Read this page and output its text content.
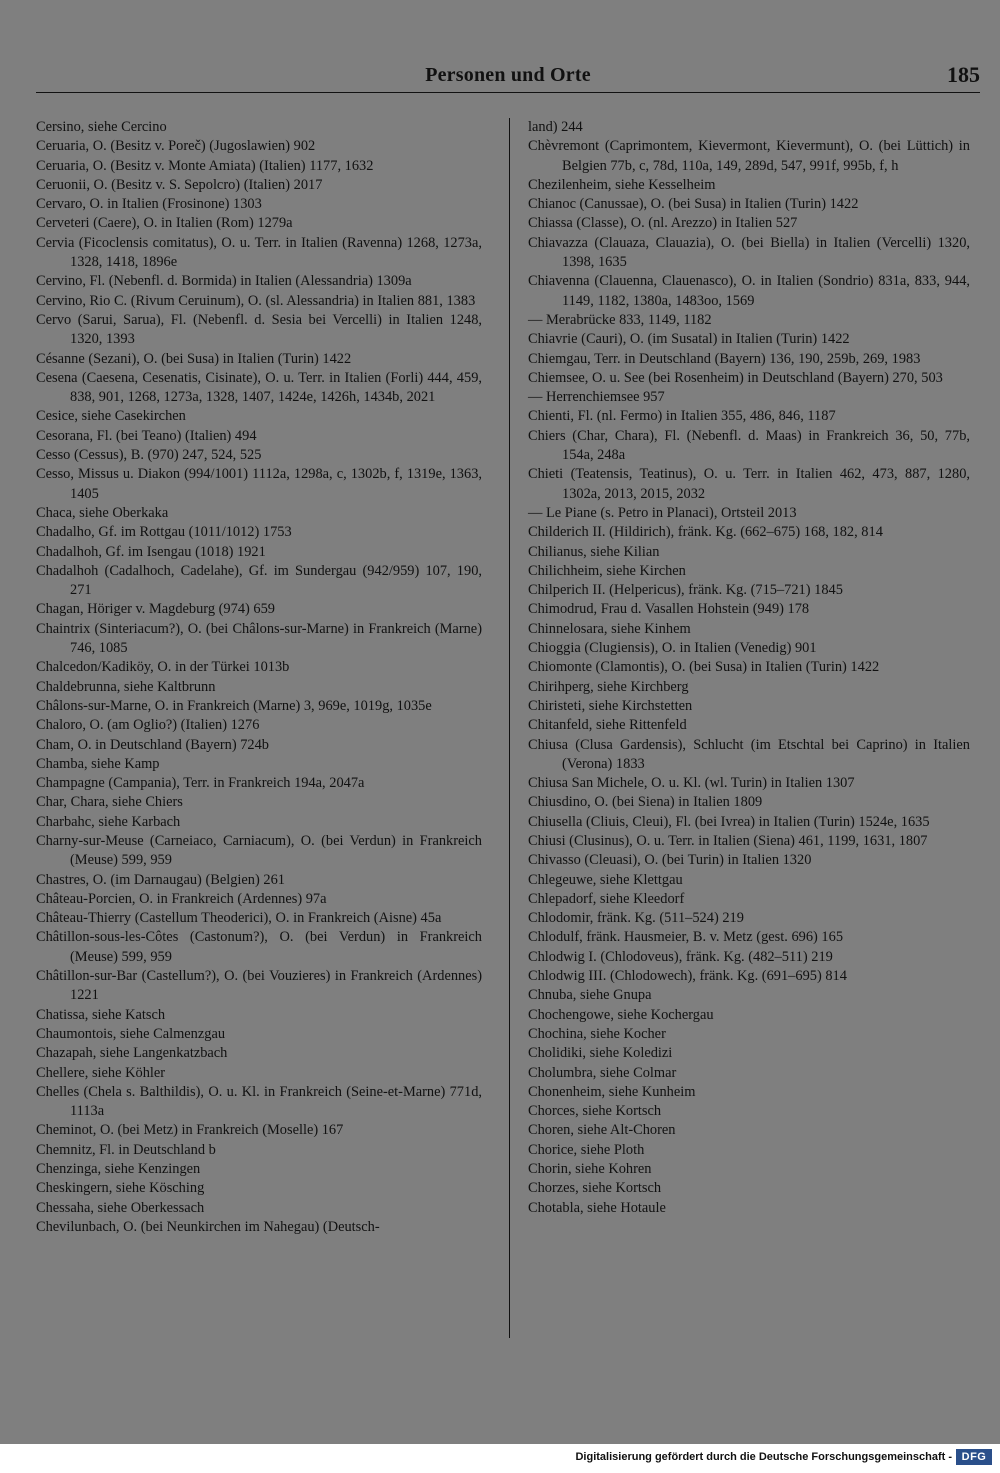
Personen und Orte	185

Cersino, siehe Cercino

Ceruaria, O. (Besitz v. Poreč) (Jugoslawien) 902

Ceruaria, O. (Besitz v. Monte Amiata) (Italien) 1177, 1632

Ceruonii, O. (Besitz v. S. Sepolcro) (Italien) 2017

Cervaro, O. in Italien (Frosinone) 1303

Cerveteri (Caere), O. in Italien (Rom) 1279a

Cervia (Ficoclensis comitatus), O. u. Terr. in Italien (Ravenna) 1268, 1273a, 1328, 1418, 1896e

Cervino, Fl. (Nebenfl. d. Bormida) in Italien (Alessandria) 1309a

Cervino, Rio C. (Rivum Ceruinum), O. (sl. Alessandria) in Italien 881, 1383

Cervo (Sarui, Sarua), Fl. (Nebenfl. d. Sesia bei Vercelli) in Italien 1248, 1320, 1393

Césanne (Sezani), O. (bei Susa) in Italien (Turin) 1422

Cesena (Caesena, Cesenatis, Cisinate), O. u. Terr. in Italien (Forli) 444, 459, 838, 901, 1268, 1273a, 1328, 1407, 1424e, 1426h, 1434b, 2021

Cesice, siehe Casekirchen

Cesorana, Fl. (bei Teano) (Italien) 494

Cesso (Cessus), B. (970) 247, 524, 525

Cesso, Missus u. Diakon (994/1001) 1112a, 1298a, c, 1302b, f, 1319e, 1363, 1405

Chaca, siehe Oberkaka

Chadalho, Gf. im Rottgau (1011/1012) 1753

Chadalhoh, Gf. im Isengau (1018) 1921

Chadalhoh (Cadalhoch, Cadelahe), Gf. im Sundergau (942/959) 107, 190, 271

Chagan, Höriger v. Magdeburg (974) 659

Chaintrix (Sinteriacum?), O. (bei Châlons-sur-Marne) in Frankreich (Marne) 746, 1085

Chalcedon/Kadiköy, O. in der Türkei 1013b

Chaldebrunna, siehe Kaltbrunn

Châlons-sur-Marne, O. in Frankreich (Marne) 3, 969e, 1019g, 1035e

Chaloro, O. (am Oglio?) (Italien) 1276

Cham, O. in Deutschland (Bayern) 724b

Chamba, siehe Kamp

Champagne (Campania), Terr. in Frankreich 194a, 2047a

Char, Chara, siehe Chiers

Charbahc, siehe Karbach

Charny-sur-Meuse (Carneiaco, Carniacum), O. (bei Verdun) in Frankreich (Meuse) 599, 959

Chastres, O. (im Darnaugau) (Belgien) 261

Château-Porcien, O. in Frankreich (Ardennes) 97a

Château-Thierry (Castellum Theoderici), O. in Frankreich (Aisne) 45a

Châtillon-sous-les-Côtes (Castonum?), O. (bei Verdun) in Frankreich (Meuse) 599, 959

Châtillon-sur-Bar (Castellum?), O. (bei Vouzieres) in Frankreich (Ardennes) 1221

Chatissa, siehe Katsch

Chaumontois, siehe Calmenzgau

Chazapah, siehe Langenkatzbach

Chellere, siehe Köhler

Chelles (Chela s. Balthildis), O. u. Kl. in Frankreich (Seine-et-Marne) 771d, 1113a

Cheminot, O. (bei Metz) in Frankreich (Moselle) 167

Chemnitz, Fl. in Deutschland b

Chenzinga, siehe Kenzingen

Cheskingern, siehe Kösching

Chessaha, siehe Oberkessach

Chevilunbach, O. (bei Neunkirchen im Nahegau) (Deutsch-

land) 244

Chèvremont (Caprimontem, Kievermont, Kievermunt), O. (bei Lüttich) in Belgien 77b, c, 78d, 110a, 149, 289d, 547, 991f, 995b, f, h

Chezilenheim, siehe Kesselheim

Chianoc (Canussae), O. (bei Susa) in Italien (Turin) 1422

Chiassa (Classe), O. (nl. Arezzo) in Italien 527

Chiavazza (Clauaza, Clauazia), O. (bei Biella) in Italien (Vercelli) 1320, 1398, 1635

Chiavenna (Clauenna, Clauenasco), O. in Italien (Sondrio) 831a, 833, 944, 1149, 1182, 1380a, 1483oo, 1569

— Merabrücke 833, 1149, 1182

Chiavrie (Cauri), O. (im Susatal) in Italien (Turin) 1422

Chiemgau, Terr. in Deutschland (Bayern) 136, 190, 259b, 269, 1983

Chiemsee, O. u. See (bei Rosenheim) in Deutschland (Bayern) 270, 503

— Herrenchiemsee 957

Chienti, Fl. (nl. Fermo) in Italien 355, 486, 846, 1187

Chiers (Char, Chara), Fl. (Nebenfl. d. Maas) in Frankreich 36, 50, 77b, 154a, 248a

Chieti (Teatensis, Teatinus), O. u. Terr. in Italien 462, 473, 887, 1280, 1302a, 2013, 2015, 2032

— Le Piane (s. Petro in Planaci), Ortsteil 2013

Childerich II. (Hildirich), fränk. Kg. (662–675) 168, 182, 814

Chilianus, siehe Kilian

Chilichheim, siehe Kirchen

Chilperich II. (Helpericus), fränk. Kg. (715–721) 1845

Chimodrud, Frau d. Vasallen Hohstein (949) 178

Chinnelosara, siehe Kinhem

Chioggia (Clugiensis), O. in Italien (Venedig) 901

Chiomonte (Clamontis), O. (bei Susa) in Italien (Turin) 1422

Chirihperg, siehe Kirchberg

Chiristeti, siehe Kirchstetten

Chitanfeld, siehe Rittenfeld

Chiusa (Clusa Gardensis), Schlucht (im Etschtal bei Caprino) in Italien (Verona) 1833

Chiusa San Michele, O. u. Kl. (wl. Turin) in Italien 1307

Chiusdino, O. (bei Siena) in Italien 1809

Chiusella (Cliuis, Cleui), Fl. (bei Ivrea) in Italien (Turin) 1524e, 1635

Chiusi (Clusinus), O. u. Terr. in Italien (Siena) 461, 1199, 1631, 1807

Chivasso (Cleuasi), O. (bei Turin) in Italien 1320

Chlegeuwe, siehe Klettgau

Chlepadorf, siehe Kleedorf

Chlodomir, fränk. Kg. (511–524) 219

Chlodulf, fränk. Hausmeier, B. v. Metz (gest. 696) 165

Chlodwig I. (Chlodoveus), fränk. Kg. (482–511) 219

Chlodwig III. (Chlodowech), fränk. Kg. (691–695) 814

Chnuba, siehe Gnupa

Chochengowe, siehe Kochergau

Chochina, siehe Kocher

Cholidiki, siehe Koledizi

Cholumbra, siehe Colmar

Chonenheim, siehe Kunheim

Chorces, siehe Kortsch

Choren, siehe Alt-Choren

Chorice, siehe Ploth

Chorin, siehe Kohren

Chorzes, siehe Kortsch

Chotabla, siehe Hotaule

Digitalisierung gefördert durch die Deutsche Forschungsgemeinschaft - DFG
